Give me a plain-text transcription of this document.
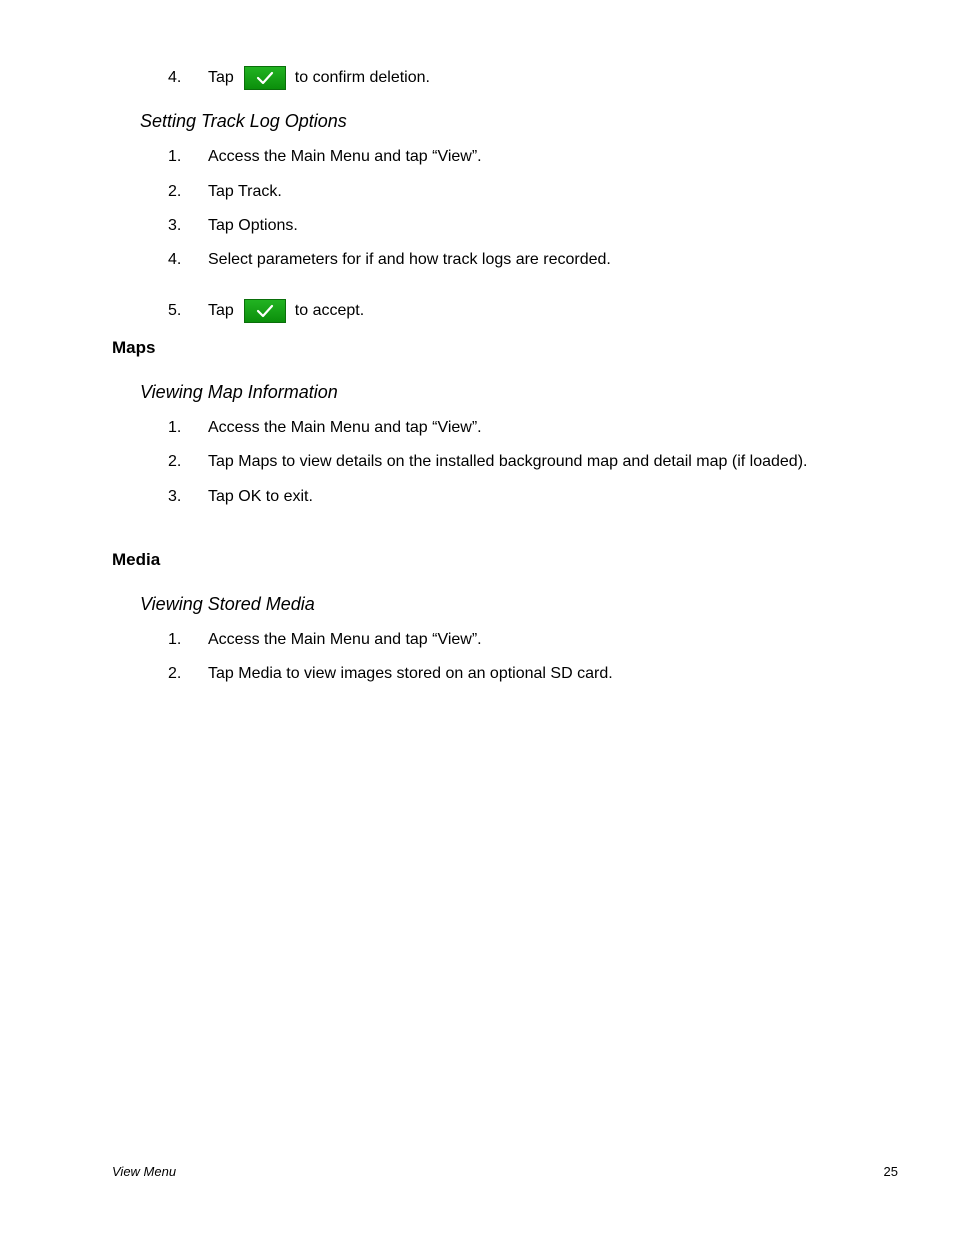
4.	Tap	to confirm deletion.
Setting Track Log Options
1.	Access the Main Menu and tap “View”.
2.	Tap Track.
3.	Tap Options.
4.	Select parameters for if and how track logs are recorded.
5.	Tap	to accept.
Maps
Viewing Map Information
1.	Access the Main Menu and tap “View”.
2.	Tap Maps to view details on the installed background map and detail map (if loaded).
3.	Tap OK to exit.
Media
Viewing Stored Media
1.	Access the Main Menu and tap “View”.
2.	Tap Media to view images stored on an optional SD card.
View Menu	25
